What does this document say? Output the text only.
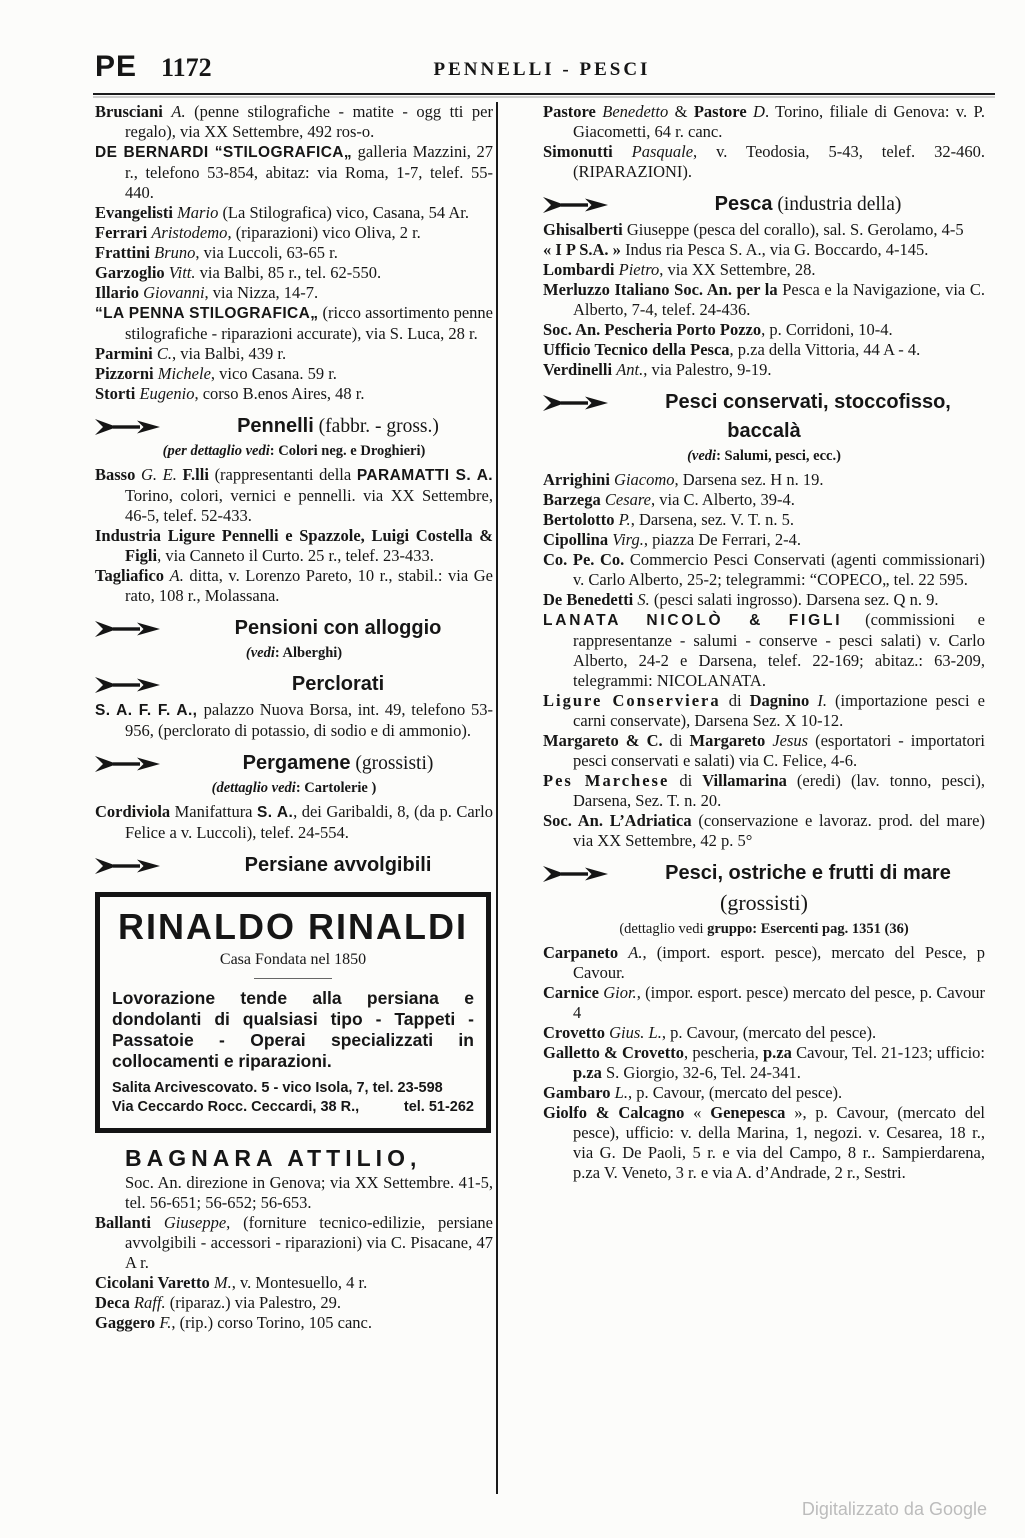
PE 1172	PENNELLI - PESCI

Brusciani A. (penne stilografiche - matite - ogg tti per regalo), via XX Settembre, 492 ros-o.

DE BERNARDI “STILOGRAFICA„ galleria Mazzini, 27 r., telefono 53-854, abitaz: via Roma, 1-7, telef. 55-440.

Evangelisti Mario (La Stilografica) vico, Casana, 54 Ar.

Ferrari Aristodemo, (riparazioni) vico Oliva, 2 r.

Frattini Bruno, via Luccoli, 63-65 r.

Garzoglio Vitt. via Balbi, 85 r., tel. 62-550.

Illario Giovanni, via Nizza, 14-7.

“LA PENNA STILOGRAFICA„ (ricco assortimento penne stilografiche - riparazioni accurate), via S. Luca, 28 r.

Parmini C., via Balbi, 439 r.

Pizzorni Michele, vico Casana. 59 r.

Storti Eugenio, corso B.enos Aires, 48 r.

Pennelli (fabbr. - gross.)
(per dettaglio vedi: Colori neg. e Droghieri)

Basso G. E. F.lli (rappresentanti della PARAMATTI S. A. Torino, colori, vernici e pennelli. via XX Settembre, 46-5, telef. 52-433.

Industria Ligure Pennelli e Spazzole, Luigi Costella & Figli, via Canneto il Curto. 25 r., telef. 23-433.

Tagliafico A. ditta, v. Lorenzo Pareto, 10 r., stabil.: via Ge rato, 108 r., Molassana.

Pensioni con alloggio
(vedi: Alberghi)
Perclorati

S. A. F. F. A., palazzo Nuova Borsa, int. 49, telefono 53-956, (perclorato di potassio, di sodio e di ammonio).

Pergamene (grossisti)
(dettaglio vedi: Cartolerie )

Cordiviola Manifattura S. A., dei Garibaldi, 8, (da p. Carlo Felice a v. Luccoli), telef. 24-554.

Persiane avvolgibili
RINALDO RINALDI
Casa Fondata nel 1850
Lovorazione tende alla persiana e dondolanti di qualsiasi tipo - Tappeti - Passatoie - Operai specializzati in collocamenti e riparazioni.
Salita Arcivescovato. 5 - vico Isola, 7, tel. 23-598
Via Ceccardo Rocc. Ceccardi, 38 R.,	tel. 51-262

BAGNARA ATTILIO,
Soc. An. direzione in Genova; via XX Settembre. 41-5, tel. 56-651; 56-652; 56-653.

Ballanti Giuseppe, (forniture tecnico-edilizie, persiane avvolgibili - accessori - riparazioni) via C. Pisacane, 47 A r.

Cicolani Varetto M., v. Montesuello, 4 r.

Deca Raff. (riparaz.) via Palestro, 29.

Gaggero F., (rip.) corso Torino, 105 canc.

Pastore Benedetto & Pastore D. Torino, filiale di Genova: v. P. Giacometti, 64 r. canc.

Simonutti Pasquale, v. Teodosia, 5-43, telef. 32-460. (RIPARAZIONI).

Pesca (industria della)

Ghisalberti Giuseppe (pesca del corallo), sal. S. Gerolamo, 4-5

« I P S.A. » Indus ria Pesca S. A., via G. Boccardo, 4-145.

Lombardi Pietro, via XX Settembre, 28.

Merluzzo Italiano Soc. An. per la Pesca e la Navigazione, via C. Alberto, 7-4, telef. 24-436.

Soc. An. Pescheria Porto Pozzo, p. Corridoni, 10-4.

Ufficio Tecnico della Pesca, p.za della Vittoria, 44 A - 4.

Verdinelli Ant., via Palestro, 9-19.

Pesci conservati, stoccofisso,
baccalà
(vedi: Salumi, pesci, ecc.)

Arrighini Giacomo, Darsena sez. H n. 19.

Barzega Cesare, via C. Alberto, 39-4.

Bertolotto P., Darsena, sez. V. T. n. 5.

Cipollina Virg., piazza De Ferrari, 2-4.

Co. Pe. Co. Commercio Pesci Conservati (agenti commissionari) v. Carlo Alberto, 25-2; telegrammi: “COPECO„ tel. 22 595.

De Benedetti S. (pesci salati ingrosso). Darsena sez. Q n. 9.

LANATA NICOLÒ & FIGLI (commissioni e rappresentanze - salumi - conserve - pesci salati) v. Carlo Alberto, 24-2 e Darsena, telef. 22-169; abitaz.: 63-209, telegrammi: NICOLANATA.

Ligure Conserviera di Dagnino I. (importazione pesci e carni conservate), Darsena Sez. X 10-12.

Margareto & C. di Margareto Jesus (esportatori - importatori pesci conservati e salati) via C. Felice, 4-6.

Pes Marchese di Villamarina (eredi) (lav. tonno, pesci), Darsena, Sez. T. n. 20.

Soc. An. L’Adriatica (conservazione e lavoraz. prod. del mare) via XX Settembre, 42 p. 5°

Pesci, ostriche e frutti di mare
(grossisti)
(dettaglio vedi gruppo: Esercenti pag. 1351 (36)

Carpaneto A., (import. esport. pesce), mercato del Pesce, p Cavour.

Carnice Gior., (impor. esport. pesce) mercato del pesce, p. Cavour 4

Crovetto Gius. L., p. Cavour, (mercato del pesce).

Galletto & Crovetto, pescheria, p.za Cavour, Tel. 21-123; ufficio: p.za S. Giorgio, 32-6, Tel. 24-341.

Gambaro L., p. Cavour, (mercato del pesce).

Giolfo & Calcagno « Genepesca », p. Cavour, (mercato del pesce), ufficio: v. della Marina, 1, negozi. v. Cesarea, 18 r., via G. De Paoli, 5 r. e via del Campo, 8 r.. Sampierdarena, p.za V. Veneto, 3 r. e via A. d’Andrade, 2 r., Sestri.

Digitalizzato da Google
